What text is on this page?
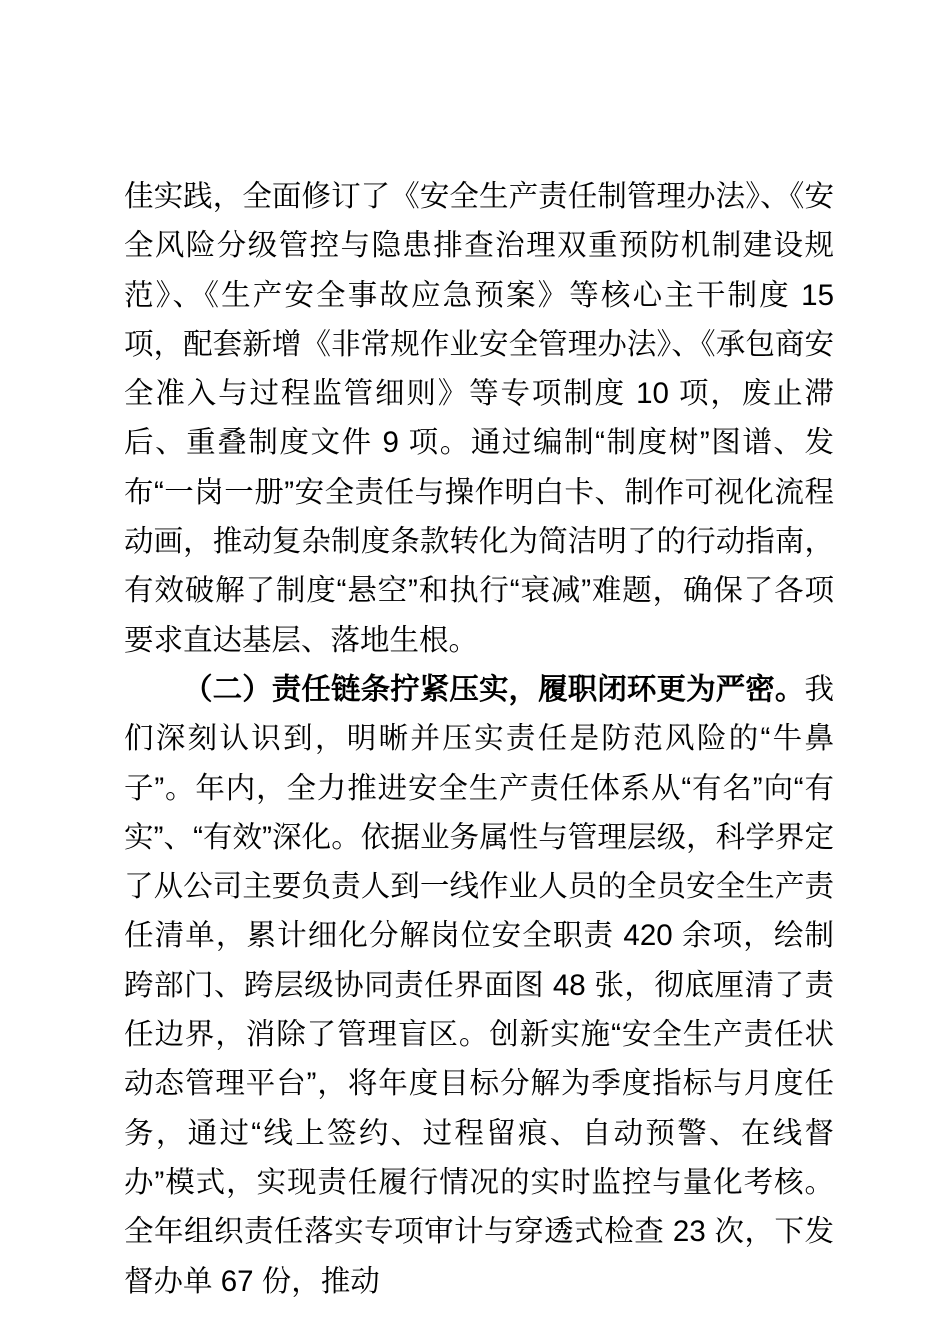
佳实践，全面修订了《安全生产责任制管理办法》、《安全风险分级管控与隐患排查治理双重预防机制建设规范》、《生产安全事故应急预案》等核心主干制度 15 项，配套新增《非常规作业安全管理办法》、《承包商安全准入与过程监管细则》等专项制度 10 项，废止滞后、重叠制度文件 9 项。通过编制“制度树”图谱、发布“一岗一册”安全责任与操作明白卡、制作可视化流程动画，推动复杂制度条款转化为简洁明了的行动指南，有效破解了制度“悬空”和执行“衰减”难题，确保了各项要求直达基层、落地生根。

（二）责任链条拧紧压实，履职闭环更为严密。我们深刻认识到，明晰并压实责任是防范风险的“牛鼻子”。年内，全力推进安全生产责任体系从“有名”向“有实”、“有效”深化。依据业务属性与管理层级，科学界定了从公司主要负责人到一线作业人员的全员安全生产责任清单，累计细化分解岗位安全职责 420 余项，绘制跨部门、跨层级协同责任界面图 48 张，彻底厘清了责任边界，消除了管理盲区。创新实施“安全生产责任状动态管理平台”，将年度目标分解为季度指标与月度任务，通过“线上签约、过程留痕、自动预警、在线督办”模式，实现责任履行情况的实时监控与量化考核。全年组织责任落实专项审计与穿透式检查 23 次，下发督办单 67 份，推动
